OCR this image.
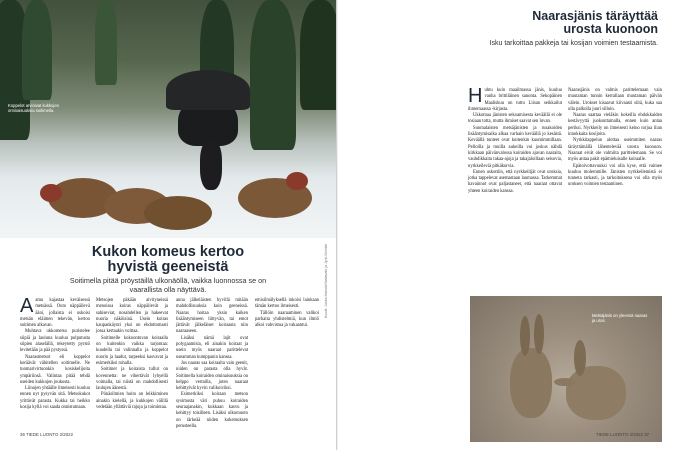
Koppelot arvioivat kukkojen ominaisuuksia soitimella.
Kuvat: Jukka Hakola/Vastavalo ja Jyrki Niiniste
Kukon komeus kertoo
hyvistä geeneistä
Soitimella pitää pröystäillä ulkonäöllä, vaikka luonnossa se on vaarallista olla näyttävä.
A amu kajastaa keväisessä metsässä. Outo näppäilevä ääni, jollaista ei uskoisi metsän eläimen tekevän, kertoo soitimen alkavan.

Muhtava ukkometso puristelee siipiä ja lauluna kuuluu pulputusta siipien alaselällä, tekeytetty pyrstö levitetään ja pää pystyssä.

Naarasmetsot eli koppelot keräävät vähitellen soitimelle. Ne tuomarivirtuonkin kosiskelijoita ympäriinsä. Valintaa pitää tehdä useiden kukkojen joukosta.

Liinojen yhtäälle ilmeisesti kuuluu ennen nyt pysyvän sitä. Metsokukot yrittävät parasta. Kukka tai heikko kosija kyllä voi saada onnistumaan.

Metsojen päkään aivityneissä menoissa koiras näppäilevät ja sahiseviat, nosahdellen ja hakeevat nuoria näköisinä. Usein koiras kaupankäynti yksi on ehdottomasti jossa kertaakin voittaa.

Soitimelle kokoontuvan koiraalla on kuitenkin vaikka tarjontaa: kuudella tai valinnalla ja koppelot nuorin ja laadut, tarpeeksi kasvavat ja esimerkiksi ruhalla.

Soitimet ja koiraista tullut on kovennetta: ne vihertävät lyhyellä voimalla, tai niistä on mahdollisesti laulujen äänestä.

Pönäsilmien hoito on leikkiminen ainakin kielellä, ja kukkojen välillä vedetään yllättäviä rajoja ja toimintaa.

anna jälkeläisten hyvillä mitään mahdollisuuksia kuin geeneissä. Naaras hoitaa yksin kaiken lisääntymiseen liittyvän, tai emot jättävät jälkeläiset koiraasta niin naaraaseen.

Lisäksi nämä lajit ovat polygaamisia, eli ainakin koiraat ja usein myös naaraat parittelevat useamman kumppanin kanssa.

Jos naaras saa koiraalta vain geenit, niiden on parasta olla hyvät. Soitimella koiraiden ominaisuuksia on helppo vertailla, joten naaraat kehittyivät hyvin valikoiviksi.

Esimerkiksi koiraan metson sysimusta väri puhuu koiraiden seuraajanakin, kukkaan kasvu ja kehittyy toisilleen. Lisäksi ulkomuoto on tärkeää niiden kokemuksen perusteella.

emisilmälyksellä inkoisi lainkaan tämän kertoo ilmeisesti.

Tällöin naaraaminen valikoi parhaita yhdistelmiä, kun ilmiö alkoi vahvistua ja vakaantui.

36 TIEDE LUONTO 2/2022
Naarasjänis täräyttää
urosta kuonoon
Isku tarkoittaa pakkeja tai kosijan voimien testaamista.
H uhtu kuin maailmassa jänis, kuuluu vanha brittiläinen sanonta. Sekopäinen Maaliskuu on tuttu Liisan seikkailut ihmemaassa -kirjasta.

Ukkomaa jänisten sekoamisesta keväällä ei ole tosiaan totta, mutta ihmiset saavat sen luvan.

Suomalaisten metsäjänisten ja rusakoiden lisääntymisaika alkaa varhain keväällä jo kesästä. Keväällä tunteet ovat kuitenkin kuumimmillaan. Pelloilla ja muilla aukeilla voi joskus nähdä kirkkaan päivänvalossa koiraiden ajavan naaraita, vauhdikkaita takaa-ajoja ja takajaloillaan seisovia, nyrkkeileviä pitkäkorvia.

Ennen uskottiin, että nyrkkeilijät ovat uroksia, jotka tappelevat asemastaan laumassa. Tarkemmat havainnot ovat paljastaneet, että naaraat ottavat yhteen koiraiden kanssa.

Naarasjänis on valmis parittelemaan vain muutaman tunnin kerrallaan muutaman päivän välein. Urokset kisaavat kiivaasti siitä, kuka saa olla palkolla juuri silloin.

Naaras saattaa vieläkin kokeilla ehdokkaiden kestävyyttä juoksuttamalla, ennen kuin antaa periksi. Nyrkkeily on ilmeisesti keino torjua liian innokkaita kosijoita.

Nyrkkitappelun alottaa useimmiten naaras täräyttämällä lähentelevää urosta kuonoon. Naaraat eivät ole valmiita parittelemaan. Se voi myös antaa pakit epämieluisalle koiraalle.

Epätoivottavuuksi voi olla kyse, että vaimee kuuluu molemmille. Jänisten nyrkkeilemistä ei tunneta tarkasti, ja tarkoituksena voi olla myös uroksen voimien testaaminen.

Metsäjänis on yleensä naaras ja uros.
TIEDE LUONTO 2/2022 37
